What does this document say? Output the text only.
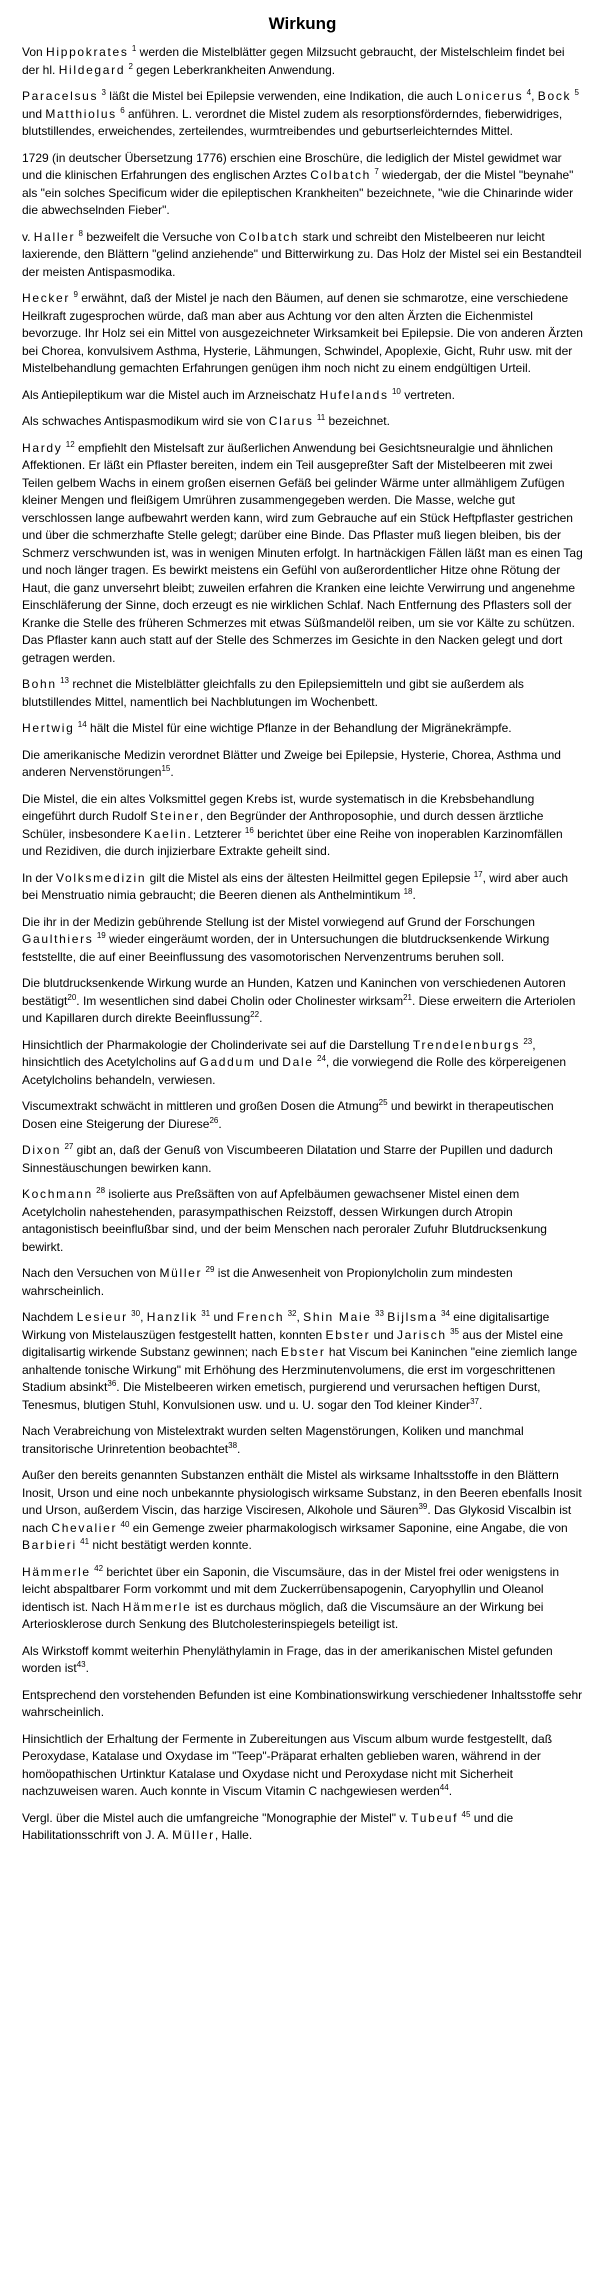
Wirkung

Von Hippokrates $^1$ werden die Mistelblätter gegen Milzsucht gebraucht, der Mistelschleim findet bei der hl. Hildegard $^2$ gegen Leberkrankheiten Anwendung.

Paracelsus $^3$ läßt die Mistel bei Epilepsie verwenden, eine Indikation, die auch Lonicerus $^4$, Bock $^5$ und Matthiolus $^6$ anführen. L. verordnet die Mistel zudem als resorptionsförderndes, fieberwidriges, blutstillendes, erweichendes, zerteilendes, wurmtreibendes und geburtserleichterndes Mittel.

1729 (in deutscher Übersetzung 1776) erschien eine Broschüre, die lediglich der Mistel gewidmet war und die klinischen Erfahrungen des englischen Arztes Colbatch $^7$ wiedergab, der die Mistel "beynahe" als "ein solches Specificum wider die epileptischen Krankheiten" bezeichnete, "wie die Chinarinde wider die abwechselnden Fieber".

v. Haller $^8$ bezweifelt die Versuche von Colbatch stark und schreibt den Mistelbeeren nur leicht laxierende, den Blättern "gelind anziehende" und Bitterwirkung zu. Das Holz der Mistel sei ein Bestandteil der meisten Antispasmodika.

Hecker $^9$ erwähnt, daß der Mistel je nach den Bäumen, auf denen sie schmarotze, eine verschiedene Heilkraft zugesprochen würde, daß man aber aus Achtung vor den alten Ärzten die Eichenmistel bevorzuge. Ihr Holz sei ein Mittel von ausgezeichneter Wirksamkeit bei Epilepsie. Die von anderen Ärzten bei Chorea, konvulsivem Asthma, Hysterie, Lähmungen, Schwindel, Apoplexie, Gicht, Ruhr usw. mit der Mistelbehandlung gemachten Erfahrungen genügen ihm noch nicht zu einem endgültigen Urteil.

Als Antiepileptikum war die Mistel auch im Arzneischatz Hufelands $^{10}$ vertreten.

Als schwaches Antispasmodikum wird sie von Clarus $^{11}$ bezeichnet.

Hardy $^{12}$ empfiehlt den Mistelsaft zur äußerlichen Anwendung bei Gesichtsneuralgie und ähnlichen Affektionen. Er läßt ein Pflaster bereiten, indem ein Teil ausgepreßter Saft der Mistelbeeren mit zwei Teilen gelbem Wachs in einem großen eisernen Gefäß bei gelinder Wärme unter allmähligem Zufügen kleiner Mengen und fleißigem Umrühren zusammengegeben werden. Die Masse, welche gut verschlossen lange aufbewahrt werden kann, wird zum Gebrauche auf ein Stück Heftpflaster gestrichen und über die schmerzhafte Stelle gelegt; darüber eine Binde. Das Pflaster muß liegen bleiben, bis der Schmerz verschwunden ist, was in wenigen Minuten erfolgt. In hartnäckigen Fällen läßt man es einen Tag und noch länger tragen. Es bewirkt meistens ein Gefühl von außerordentlicher Hitze ohne Rötung der Haut, die ganz unversehrt bleibt; zuweilen erfahren die Kranken eine leichte Verwirrung und angenehme Einschläferung der Sinne, doch erzeugt es nie wirklichen Schlaf. Nach Entfernung des Pflasters soll der Kranke die Stelle des früheren Schmerzes mit etwas Süßmandelöl reiben, um sie vor Kälte zu schützen. Das Pflaster kann auch statt auf der Stelle des Schmerzes im Gesichte in den Nacken gelegt und dort getragen werden.

Bohn $^{13}$ rechnet die Mistelblätter gleichfalls zu den Epilepsiemitteln und gibt sie außerdem als blutstillendes Mittel, namentlich bei Nachblutungen im Wochenbett.

Hertwig $^{14}$ hält die Mistel für eine wichtige Pflanze in der Behandlung der Migränekrämpfe.

Die amerikanische Medizin verordnet Blätter und Zweige bei Epilepsie, Hysterie, Chorea, Asthma und anderen Nervenstörungen$^{15}$.

Die Mistel, die ein altes Volksmittel gegen Krebs ist, wurde systematisch in die Krebsbehandlung eingeführt durch Rudolf Steiner, den Begründer der Anthroposophie, und durch dessen ärztliche Schüler, insbesondere Kaelin. Letzterer $^{16}$ berichtet über eine Reihe von inoperablen Karzinomfällen und Rezidiven, die durch injizierbare Extrakte geheilt sind.

In der Volksmedizin gilt die Mistel als eins der ältesten Heilmittel gegen Epilepsie $^{17}$, wird aber auch bei Menstruatio nimia gebraucht; die Beeren dienen als Anthelmintikum $^{18}$.

Die ihr in der Medizin gebührende Stellung ist der Mistel vorwiegend auf Grund der Forschungen Gaulthiers $^{19}$ wieder eingeräumt worden, der in Untersuchungen die blutdrucksenkende Wirkung feststellte, die auf einer Beeinflussung des vasomotorischen Nervenzentrums beruhen soll.

Die blutdrucksenkende Wirkung wurde an Hunden, Katzen und Kaninchen von verschiedenen Autoren bestätigt$^{20}$. Im wesentlichen sind dabei Cholin oder Cholinester wirksam$^{21}$. Diese erweitern die Arteriolen und Kapillaren durch direkte Beeinflussung$^{22}$.

Hinsichtlich der Pharmakologie der Cholinderivate sei auf die Darstellung Trendelenburgs $^{23}$, hinsichtlich des Acetylcholins auf Gaddum und Dale $^{24}$, die vorwiegend die Rolle des körpereigenen Acetylcholins behandeln, verwiesen.

Viscumextrakt schwächt in mittleren und großen Dosen die Atmung$^{25}$ und bewirkt in therapeutischen Dosen eine Steigerung der Diurese$^{26}$.

Dixon $^{27}$ gibt an, daß der Genuß von Viscumbeeren Dilatation und Starre der Pupillen und dadurch Sinnestäuschungen bewirken kann.

Kochmann $^{28}$ isolierte aus Preßsäften von auf Apfelbäumen gewachsener Mistel einen dem Acetylcholin nahestehenden, parasympathischen Reizstoff, dessen Wirkungen durch Atropin antagonistisch beeinflußbar sind, und der beim Menschen nach peroraler Zufuhr Blutdrucksenkung bewirkt.

Nach den Versuchen von Müller $^{29}$ ist die Anwesenheit von Propionylcholin zum mindesten wahrscheinlich.

Nachdem Lesieur $^{30}$, Hanzlik $^{31}$ und French $^{32}$, Shin Maie $^{33}$ Bijlsma $^{34}$ eine digitalisartige Wirkung von Mistelauszügen festgestellt hatten, konnten Ebster und Jarisch $^{35}$ aus der Mistel eine digitalisartig wirkende Substanz gewinnen; nach Ebster hat Viscum bei Kaninchen "eine ziemlich lange anhaltende tonische Wirkung" mit Erhöhung des Herzminutenvolumens, die erst im vorgeschrittenen Stadium absinkt$^{36}$. Die Mistelbeeren wirken emetisch, purgierend und verursachen heftigen Durst, Tenesmus, blutigen Stuhl, Konvulsionen usw. und u. U. sogar den Tod kleiner Kinder$^{37}$.

Nach Verabreichung von Mistelextrakt wurden selten Magenstörungen, Koliken und manchmal transitorische Urinretention beobachtet$^{38}$.

Außer den bereits genannten Substanzen enthält die Mistel als wirksame Inhaltsstoffe in den Blättern Inosit, Urson und eine noch unbekannte physiologisch wirksame Substanz, in den Beeren ebenfalls Inosit und Urson, außerdem Viscin, das harzige Visciresen, Alkohole und Säuren$^{39}$. Das Glykosid Viscalbin ist nach Chevalier $^{40}$ ein Gemenge zweier pharmakologisch wirksamer Saponine, eine Angabe, die von Barbieri $^{41}$ nicht bestätigt werden konnte.

Hämmerle $^{42}$ berichtet über ein Saponin, die Viscumsäure, das in der Mistel frei oder wenigstens in leicht abspaltbarer Form vorkommt und mit dem Zuckerrübensapogenin, Caryophyllin und Oleanol identisch ist. Nach Hämmerle ist es durchaus möglich, daß die Viscumsäure an der Wirkung bei Arteriosklerose durch Senkung des Blutcholesterinspiegels beteiligt ist.

Als Wirkstoff kommt weiterhin Phenyläthylamin in Frage, das in der amerikanischen Mistel gefunden worden ist$^{43}$.

Entsprechend den vorstehenden Befunden ist eine Kombinationswirkung verschiedener Inhaltsstoffe sehr wahrscheinlich.

Hinsichtlich der Erhaltung der Fermente in Zubereitungen aus Viscum album wurde festgestellt, daß Peroxydase, Katalase und Oxydase im "Teep"-Präparat erhalten geblieben waren, während in der homöopathischen Urtinktur Katalase und Oxydase nicht und Peroxydase nicht mit Sicherheit nachzuweisen waren. Auch konnte in Viscum Vitamin C nachgewiesen werden$^{44}$.

Vergl. über die Mistel auch die umfangreiche "Monographie der Mistel" v. Tubeuf $^{45}$ und die Habilitationsschrift von J. A. Müller, Halle.
